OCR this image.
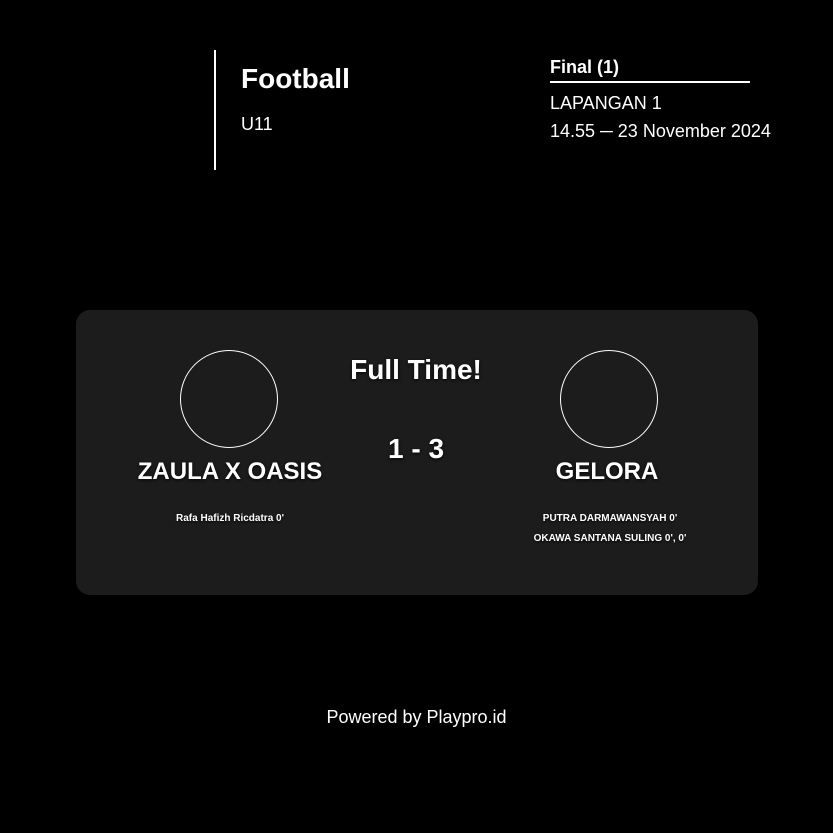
Football
U11
Final (1)
LAPANGAN 1
14.55 ─ 23 November 2024
Full Time!
1 - 3
ZAULA X OASIS	GELORA
Rafa Hafizh Ricdatra 0'	PUTRA DARMAWANSYAH 0'
OKAWA SANTANA SULING 0', 0'
Powered by Playpro.id
